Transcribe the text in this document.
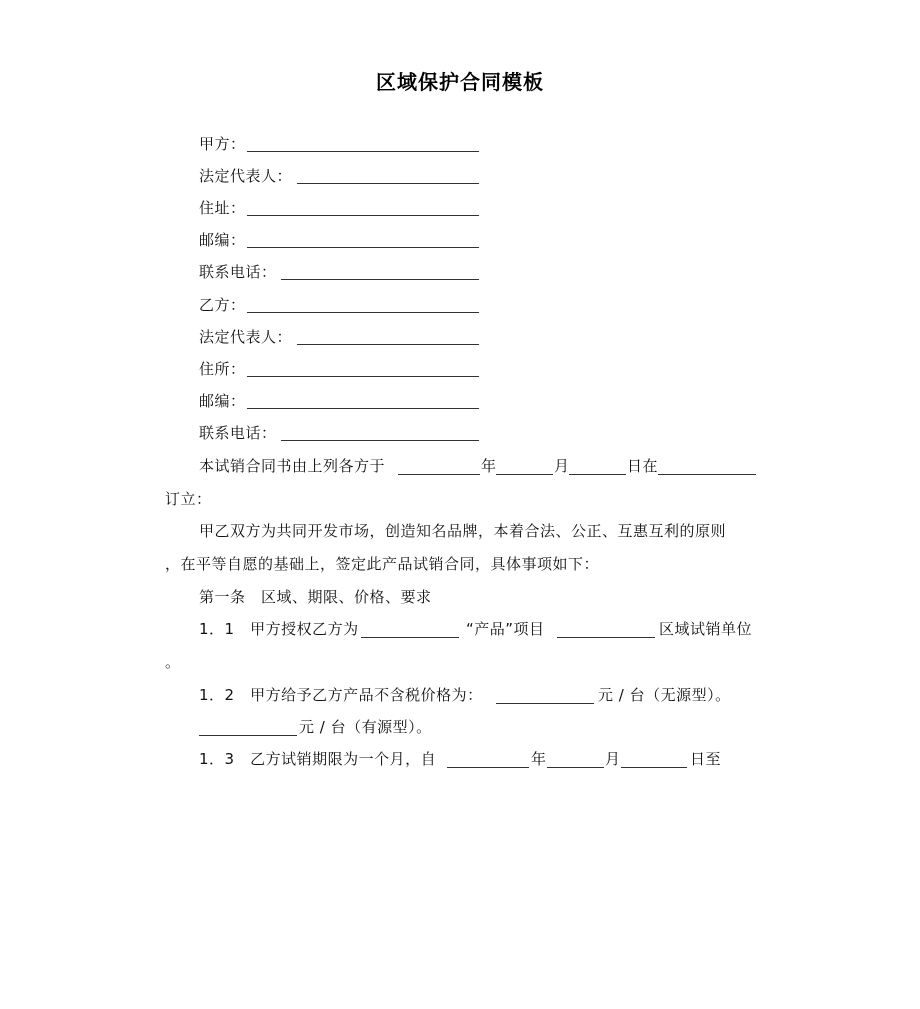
区域保护合同模板
甲方：
法定代表人：
住址：
邮编：
联系电话：
乙方：
法定代表人：
住所：
邮编：
联系电话：
本试销合同书由上列各方于	年	月	日在
订立：
甲乙双方为共同开发市场，创造知名品牌，本着合法、公正、互惠互利的原则
，在平等自愿的基础上，签定此产品试销合同，具体事项如下：
第一条　区域、期限、价格、要求
1．1　甲方授权乙方为	“产品”项目	区域试销单位
。
1．2　甲方给予乙方产品不含税价格为：	元 / 台（无源型）。
元 / 台（有源型）。
1．3　乙方试销期限为一个月，自	年	月	日至
